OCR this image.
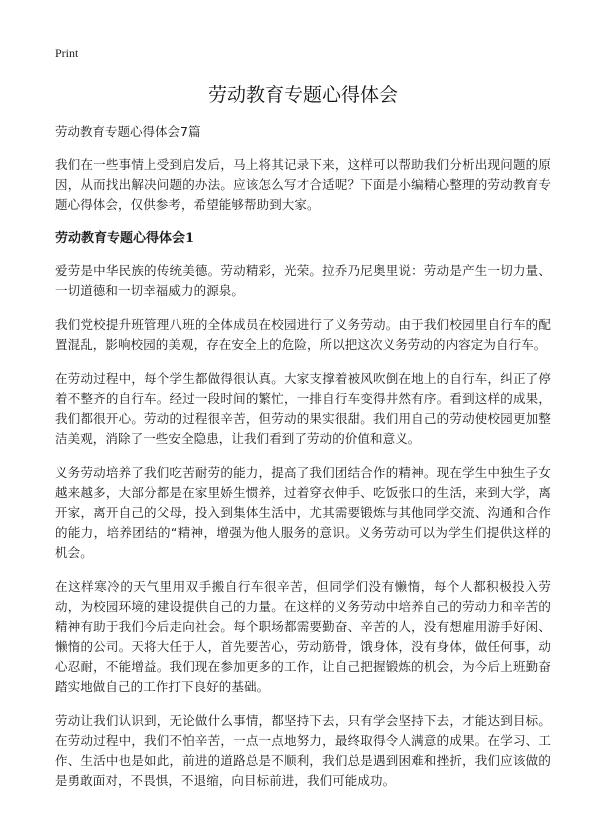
Print
劳动教育专题心得体会

劳动教育专题心得体会7篇

我们在一些事情上受到启发后，马上将其记录下来，这样可以帮助我们分析出现问题的原因，从而找出解决问题的办法。应该怎么写才合适呢？下面是小编精心整理的劳动教育专题心得体会，仅供参考，希望能够帮助到大家。

劳动教育专题心得体会1

爱劳是中华民族的传统美德。劳动精彩，光荣。拉乔乃尼奥里说：劳动是产生一切力量、一切道德和一切幸福威力的源泉。

我们党校提升班管理八班的全体成员在校园进行了义务劳动。由于我们校园里自行车的配置混乱，影响校园的美观，存在安全上的危险，所以把这次义务劳动的内容定为自行车。

在劳动过程中，每个学生都做得很认真。大家支撑着被风吹倒在地上的自行车，纠正了停着不整齐的自行车。经过一段时间的繁忙，一排自行车变得井然有序。看到这样的成果，我们都很开心。劳动的过程很辛苦，但劳动的果实很甜。我们用自己的劳动使校园更加整洁美观，消除了一些安全隐患，让我们看到了劳动的价值和意义。

义务劳动培养了我们吃苦耐劳的能力，提高了我们团结合作的精神。现在学生中独生子女越来越多，大部分都是在家里娇生惯养，过着穿衣伸手、吃饭张口的生活，来到大学，离开家，离开自己的父母，投入到集体生活中，尤其需要锻炼与其他同学交流、沟通和合作的能力，培养团结的“精神，增强为他人服务的意识。义务劳动可以为学生们提供这样的机会。

在这样寒冷的天气里用双手搬自行车很辛苦，但同学们没有懒惰，每个人都积极投入劳动，为校园环境的建设提供自己的力量。在这样的义务劳动中培养自己的劳动力和辛苦的精神有助于我们今后走向社会。每个职场都需要勤奋、辛苦的人，没有想雇用游手好闲、懒惰的公司。天将大任于人，首先要苦心，劳动筋骨，饿身体，没有身体，做任何事，动心忍耐，不能增益。我们现在参加更多的工作，让自己把握锻炼的机会，为今后上班勤奋踏实地做自己的工作打下良好的基础。

劳动让我们认识到，无论做什么事情，都坚持下去，只有学会坚持下去，才能达到目标。在劳动过程中，我们不怕辛苦，一点一点地努力，最终取得令人满意的成果。在学习、工作、生活中也是如此，前进的道路总是不顺利，我们总是遇到困难和挫折，我们应该做的是勇敢面对，不畏惧，不退缩，向目标前进，我们可能成功。
